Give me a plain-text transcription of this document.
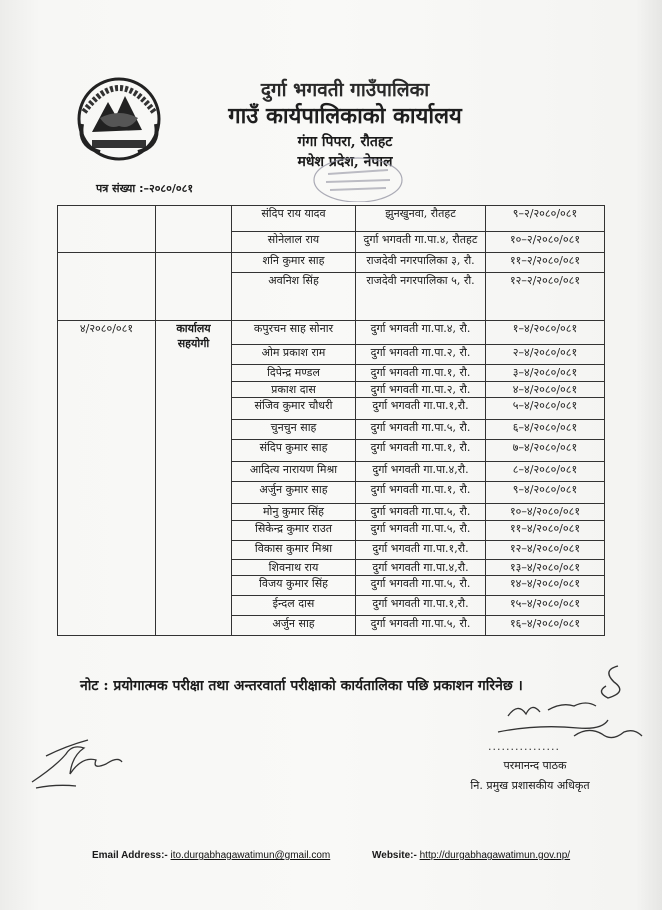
दुर्गा भगवती गाउँपालिका
गाउँ कार्यपालिकाको कार्यालय
गंगा पिपरा, रौतहट
मधेश प्रदेश, नेपाल
पत्र संख्या :–२०८०/०८१
		संदिप राय यादव	झुनखुनवा, रौतहट	९–२/२०८०/०८१
		सोनेलाल राय	दुर्गा भगवती गा.पा.४, रौतहट	१०–२/२०८०/०८१
		शनि कुमार साह	राजदेवी नगरपालिका ३, रौ.	११–२/२०८०/०८१
		अवनिश सिंह	राजदेवी नगरपालिका ५, रौ.	१२–२/२०८०/०८१
४/२०८०/०८१	कार्यालय सहयोगी	कपुरचन साह सोनार	दुर्गा भगवती गा.पा.४, रौ.	१–४/२०८०/०८१
		ओम प्रकाश राम	दुर्गा भगवती गा.पा.२, रौ.	२–४/२०८०/०८१
		दिपेन्द्र मण्डल	दुर्गा भगवती गा.पा.१, रौ.	३–४/२०८०/०८१
		प्रकाश दास	दुर्गा भगवती गा.पा.२, रौ.	४–४/२०८०/०८१
		संजिव कुमार चौधरी	दुर्गा भगवती गा.पा.१,रौ.	५–४/२०८०/०८१
		चुनचुन साह	दुर्गा भगवती गा.पा.५, रौ.	६–४/२०८०/०८१
		संदिप कुमार साह	दुर्गा भगवती गा.पा.१, रौ.	७–४/२०८०/०८१
		आदित्य नारायण मिश्रा	दुर्गा भगवती गा.पा.४,रौ.	८–४/२०८०/०८१
		अर्जुन कुमार साह	दुर्गा भगवती गा.पा.१, रौ.	९–४/२०८०/०८१
		मोनु कुमार सिंह	दुर्गा भगवती गा.पा.५, रौ.	१०–४/२०८०/०८१
		सिकेन्द्र कुमार राउत	दुर्गा भगवती गा.पा.५, रौ.	११–४/२०८०/०८१
		विकास कुमार मिश्रा	दुर्गा भगवती गा.पा.१,रौ.	१२–४/२०८०/०८१
		शिवनाथ राय	दुर्गा भगवती गा.पा.४,रौ.	१३–४/२०८०/०८१
		विजय कुमार सिंह	दुर्गा भगवती गा.पा.५, रौ.	१४–४/२०८०/०८१
		ईन्दल दास	दुर्गा भगवती गा.पा.१,रौ.	१५–४/२०८०/०८१
		अर्जुन साह	दुर्गा भगवती गा.पा.५, रौ.	१६–४/२०८०/०८१
नोट : प्रयोगात्मक परीक्षा तथा अन्तरवार्ता परीक्षाको कार्यतालिका पछि प्रकाशन गरिनेछ ।
................
परमानन्द पाठक
नि. प्रमुख प्रशासकीय अधिकृत
Email Address:- ito.durgabhagawatimun@gmail.com	Website:- http://durgabhagawatimun.gov.np/
